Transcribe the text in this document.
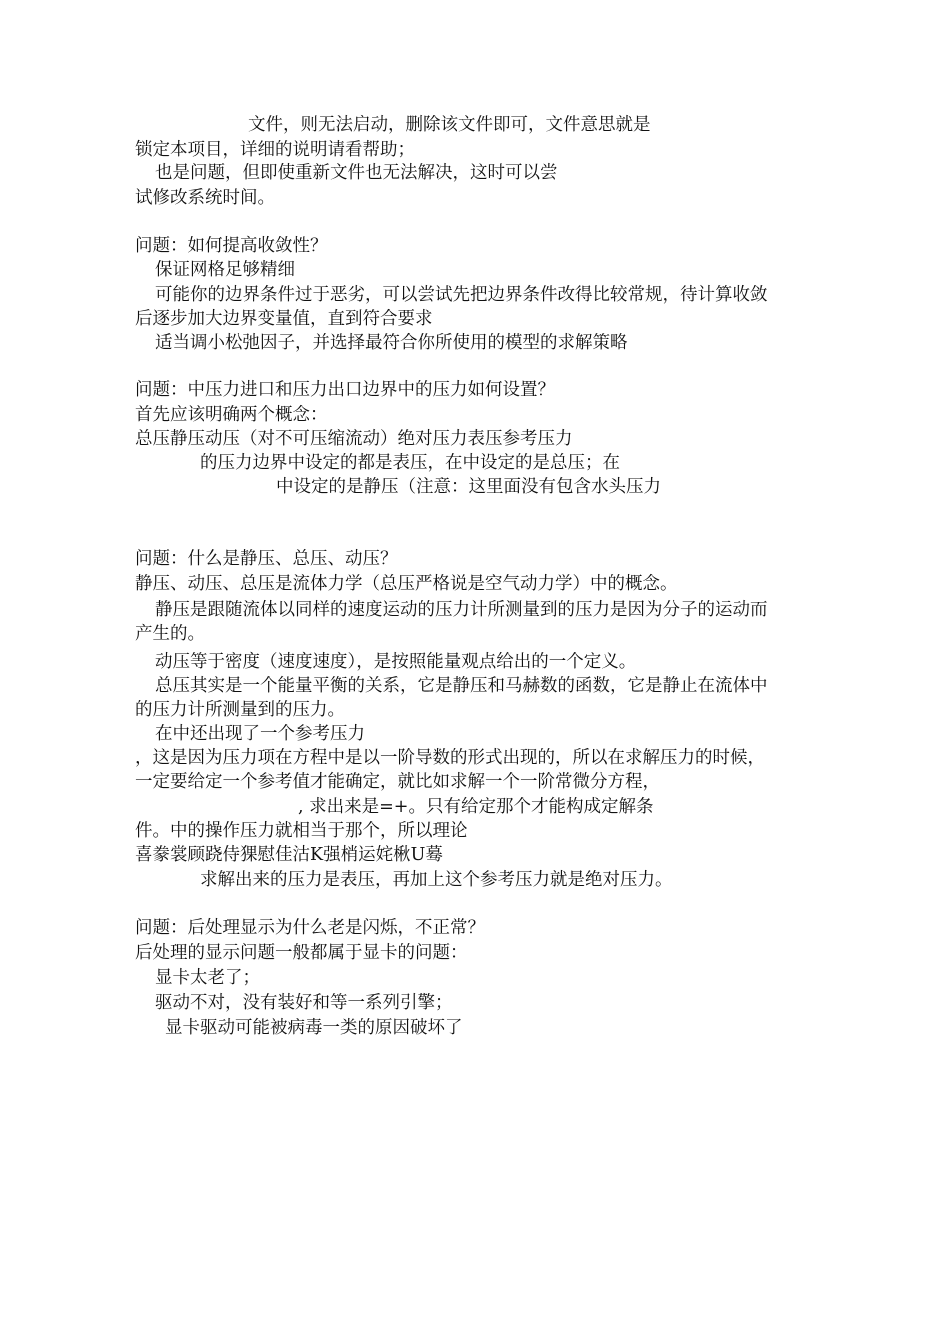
文件，则无法启动，删除该文件即可，文件意思就是
锁定本项目，详细的说明请看帮助；
也是问题，但即使重新文件也无法解决，这时可以尝
试修改系统时间。
问题：如何提高收敛性？
保证网格足够精细
可能你的边界条件过于恶劣，可以尝试先把边界条件改得比较常规，待计算收敛
后逐步加大边界变量值，直到符合要求
适当调小松弛因子，并选择最符合你所使用的模型的求解策略
问题：中压力进口和压力出口边界中的压力如何设置？
首先应该明确两个概念：
总压静压动压（对不可压缩流动）绝对压力表压参考压力
的压力边界中设定的都是表压，在中设定的是总压；在
中设定的是静压（注意：这里面没有包含水头压力
问题：什么是静压、总压、动压？
静压、动压、总压是流体力学（总压严格说是空气动力学）中的概念。
静压是跟随流体以同样的速度运动的压力计所测量到的压力是因为分子的运动而
产生的。
动压等于密度（速度速度），是按照能量观点给出的一个定义。
总压其实是一个能量平衡的关系，它是静压和马赫数的函数，它是静止在流体中
的压力计所测量到的压力。
在中还出现了一个参考压力
，这是因为压力项在方程中是以一阶导数的形式出现的，所以在求解压力的时候，
一定要给定一个参考值才能确定，就比如求解一个一阶常微分方程，
, 求出来是=+。只有给定那个才能构成定解条
件。中的操作压力就相当于那个，所以理论
喜豢裳顾跷侍猓慰佳沽K强梢运姹楸U蓦
求解出来的压力是表压，再加上这个参考压力就是绝对压力。
问题：后处理显示为什么老是闪烁，不正常？
后处理的显示问题一般都属于显卡的问题：
显卡太老了；
驱动不对，没有装好和等一系列引擎；
显卡驱动可能被病毒一类的原因破坏了
